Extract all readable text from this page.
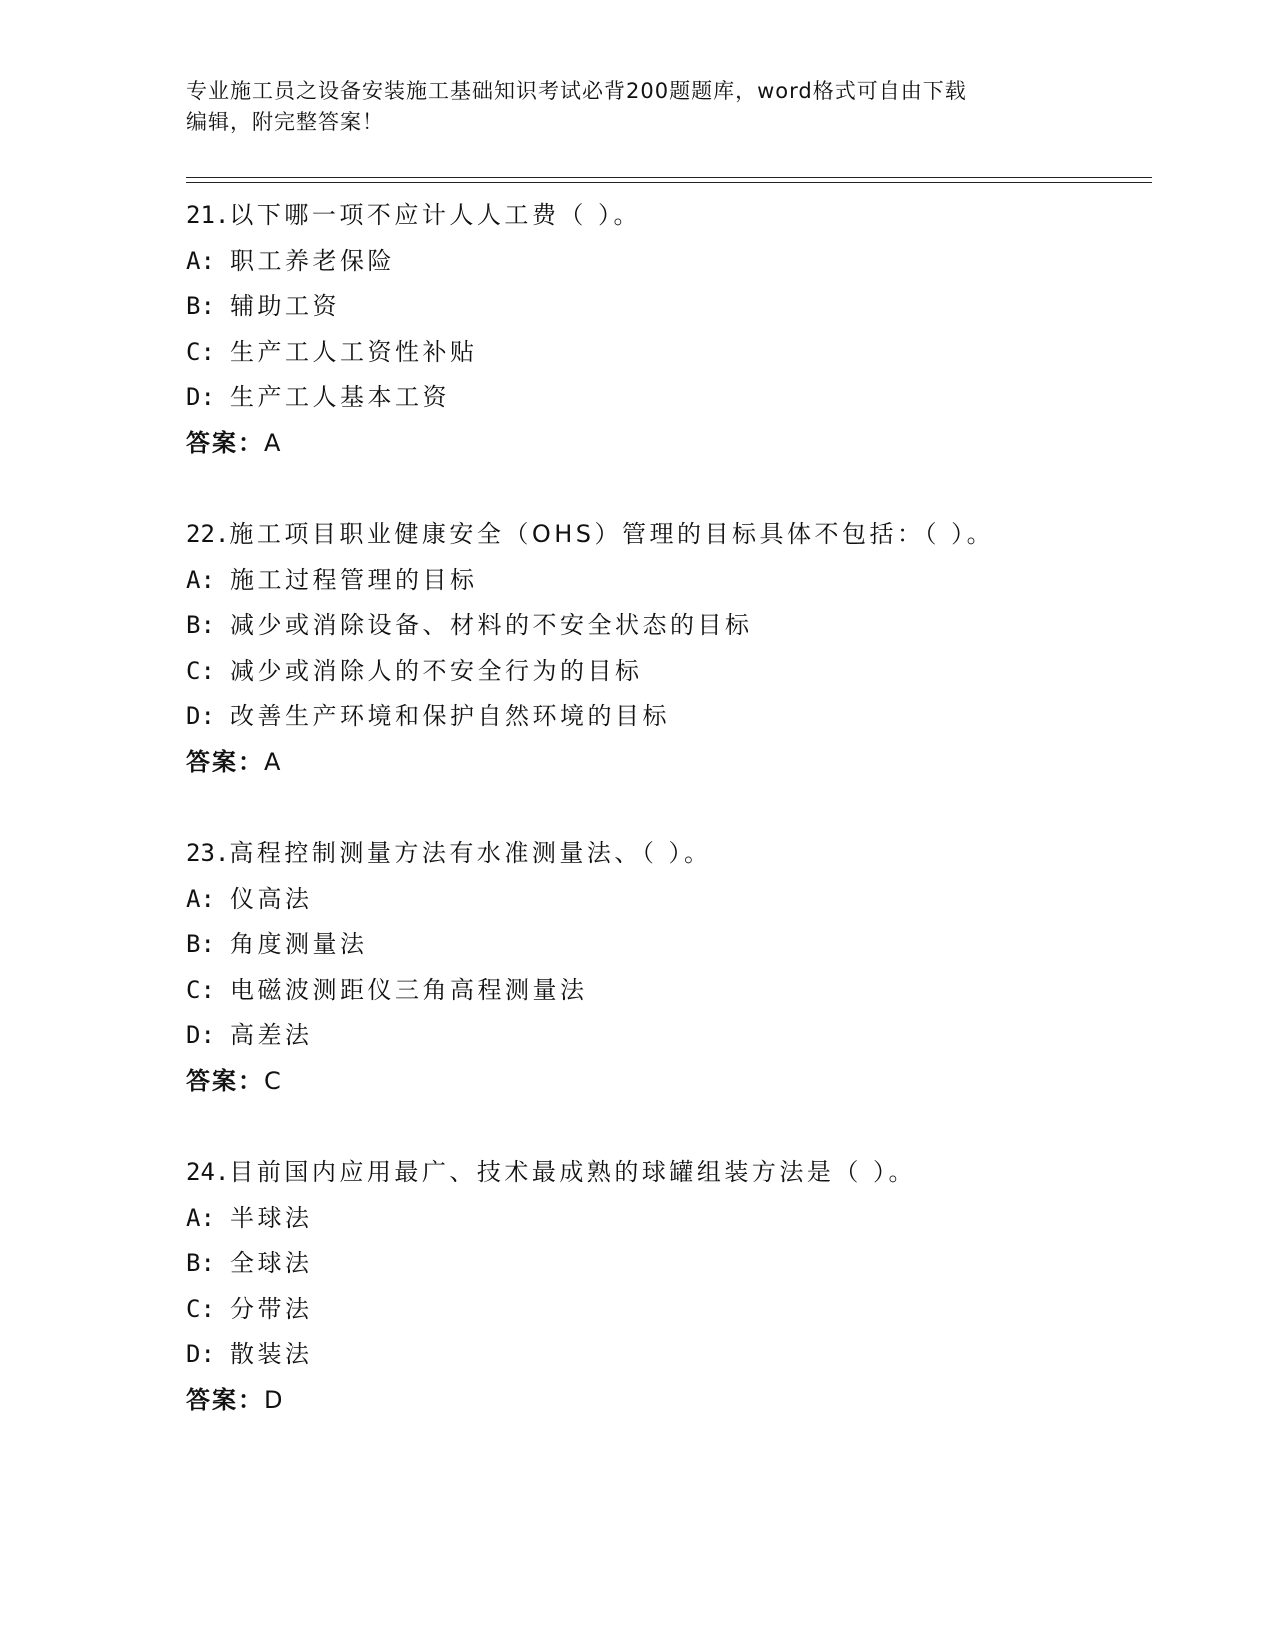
专业施工员之设备安装施工基础知识考试必背200题题库，word格式可自由下载
编辑，附完整答案！
21.以下哪一项不应计人人工费（ ）。
A: 职工养老保险
B: 辅助工资
C: 生产工人工资性补贴
D: 生产工人基本工资
答案：A
22.施工项目职业健康安全（OHS）管理的目标具体不包括：（ ）。
A: 施工过程管理的目标
B: 减少或消除设备、材料的不安全状态的目标
C: 减少或消除人的不安全行为的目标
D: 改善生产环境和保护自然环境的目标
答案：A
23.高程控制测量方法有水准测量法、（ ）。
A: 仪高法
B: 角度测量法
C: 电磁波测距仪三角高程测量法
D: 高差法
答案：C
24.目前国内应用最广、技术最成熟的球罐组装方法是（ ）。
A: 半球法
B: 全球法
C: 分带法
D: 散装法
答案：D
